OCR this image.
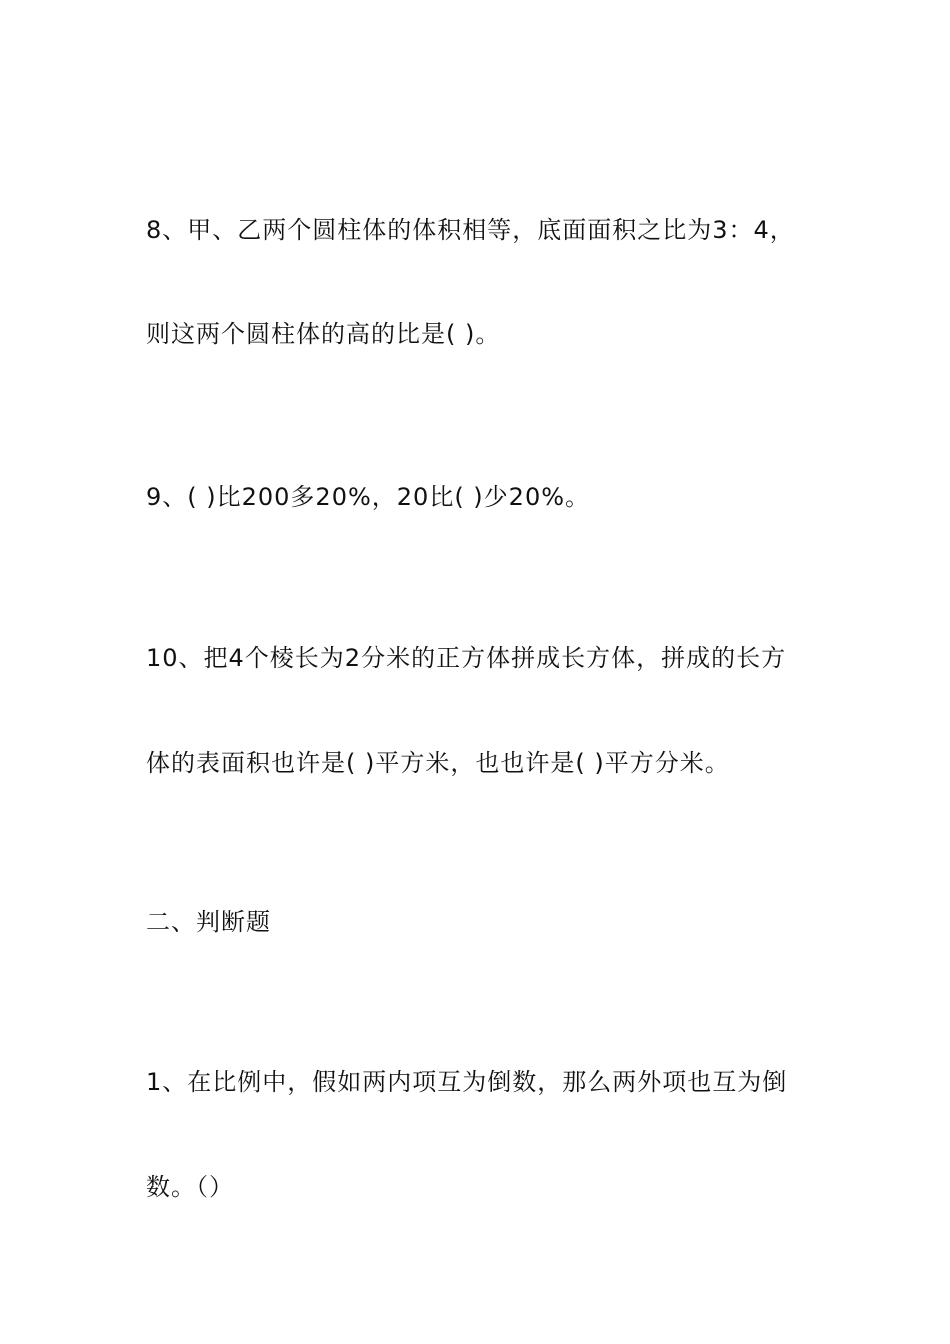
8、甲、乙两个圆柱体的体积相等，底面面积之比为3：4，
则这两个圆柱体的高的比是( )。
9、( )比200多20%，20比( )少20%。
10、把4个棱长为2分米的正方体拼成长方体，拼成的长方
体的表面积也许是( )平方米，也也许是( )平方分米。
二、判断题
1、在比例中，假如两内项互为倒数，那么两外项也互为倒
数。（）
